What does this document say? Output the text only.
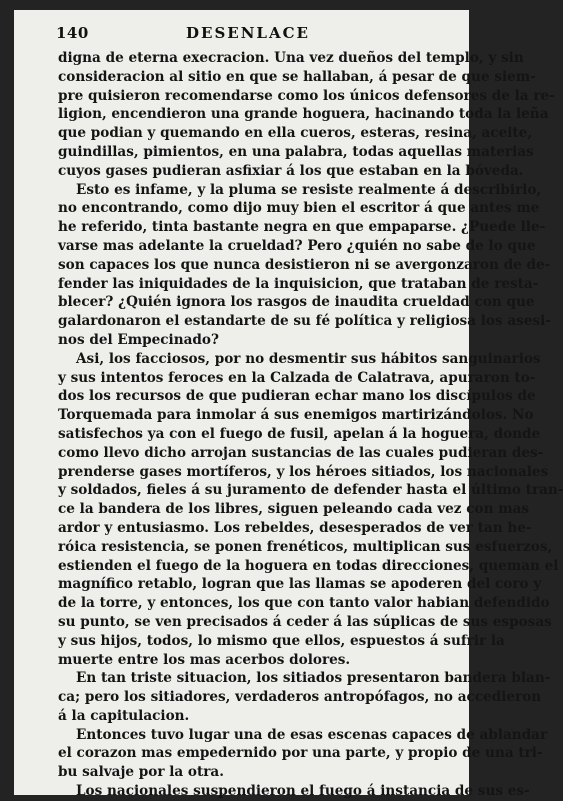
140	DESENLACE
digna de eterna execracion. Una vez dueños del templo, y sin
consideracion al sitio en que se hallaban, á pesar de que siem-
pre quisieron recomendarse como los únicos defensores de la re-
ligion, encendieron una grande hoguera, hacinando toda la leña
que podian y quemando en ella cueros, esteras, resina, aceite,
guindillas, pimientos, en una palabra, todas aquellas materias
cuyos gases pudieran asfixiar á los que estaban en la bóveda.
Esto es infame, y la pluma se resiste realmente á describirlo,
no encontrando, como dijo muy bien el escritor á que antes me
he referido, tinta bastante negra en que empaparse. ¿Puede lle-
varse mas adelante la crueldad? Pero ¿quién no sabe de lo que
son capaces los que nunca desistieron ni se avergonzaron de de-
fender las iniquidades de la inquisicion, que trataban de resta-
blecer? ¿Quién ignora los rasgos de inaudita crueldad con que
galardonaron el estandarte de su fé política y religiosa los asesi-
nos del Empecinado?
Asi, los facciosos, por no desmentir sus hábitos sanguinarios
y sus intentos feroces en la Calzada de Calatrava, apuraron to-
dos los recursos de que pudieran echar mano los discípulos de
Torquemada para inmolar á sus enemigos martirizándolos. No
satisfechos ya con el fuego de fusil, apelan á la hoguera, donde
como llevo dicho arrojan sustancias de las cuales pudieran des-
prenderse gases mortíferos, y los héroes sitiados, los nacionales
y soldados, fieles á su juramento de defender hasta el último tran-
ce la bandera de los libres, siguen peleando cada vez con mas
ardor y entusiasmo. Los rebeldes, desesperados de ver tan he-
róica resistencia, se ponen frenéticos, multiplican sus esfuerzos,
estienden el fuego de la hoguera en todas direcciones, queman el
magnífico retablo, logran que las llamas se apoderen del coro y
de la torre, y entonces, los que con tanto valor habian defendido
su punto, se ven precisados á ceder á las súplicas de sus esposas
y sus hijos, todos, lo mismo que ellos, espuestos á sufrir la
muerte entre los mas acerbos dolores.
En tan triste situacion, los sitiados presentaron bandera blan-
ca; pero los sitiadores, verdaderos antropófagos, no accedieron
á la capitulacion.
Entonces tuvo lugar una de esas escenas capaces de ablandar
el corazon mas empedernido por una parte, y propio de una tri-
bu salvaje por la otra.
Los nacionales suspendieron el fuego á instancia de sus es-
